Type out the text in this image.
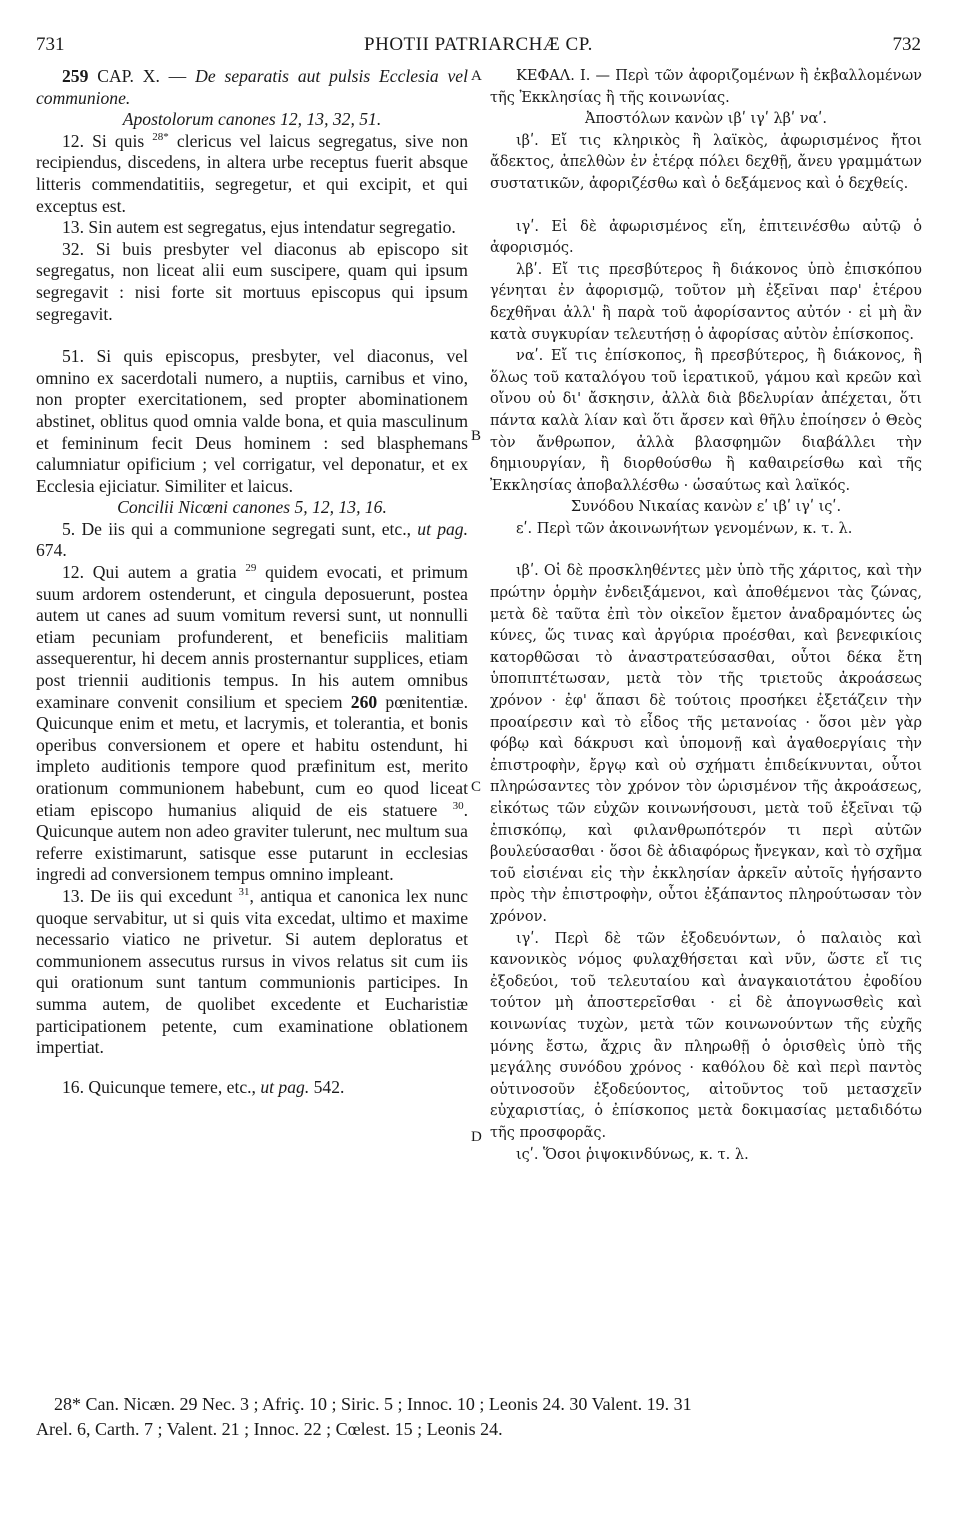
731	PHOTII PATRIARCHÆ CP.	732
A
B
C
D

259 CAP. X. — De separatis aut pulsis Ecclesia vel communione.

Apostolorum canones 12, 13, 32, 51.

12. Si quis $^{28*}$ clericus vel laicus segregatus, sive non recipiendus, discedens, in altera urbe receptus fuerit absque litteris commendatitiis, segregetur, et qui excipit, et qui exceptus est.

13. Sin autem est segregatus, ejus intendatur segregatio.

32. Si buis presbyter vel diaconus ab episcopo sit segregatus, non liceat alii eum suscipere, quam qui ipsum segregavit : nisi forte sit mortuus episcopus qui ipsum segregavit.

51. Si quis episcopus, presbyter, vel diaconus, vel omnino ex sacerdotali numero, a nuptiis, carnibus et vino, non propter exercitationem, sed propter abominationem abstinet, oblitus quod omnia valde bona, et quia masculinum et femininum fecit Deus hominem : sed blasphemans calumniatur opificium ; vel corrigatur, vel deponatur, et ex Ecclesia ejiciatur. Similiter et laicus.

Concilii Nicœni canones 5, 12, 13, 16.

5. De iis qui a communione segregati sunt, etc., ut pag. 674.

12. Qui autem a gratia $^{29}$ quidem evocati, et primum suum ardorem ostenderunt, et cingula deposuerunt, postea autem ut canes ad suum vomitum reversi sunt, ut nonnulli etiam pecuniam profunderent, et beneficiis malitiam assequerentur, hi decem annis prosternantur supplices, etiam post triennii auditionis tempus. In his autem omnibus examinare convenit consilium et speciem 260 pœnitentiæ. Quicunque enim et metu, et lacrymis, et tolerantia, et bonis operibus conversionem et opere et habitu ostendunt, hi impleto auditionis tempore quod præfinitum est, merito orationum communionem habebunt, cum eo quod liceat etiam episcopo humanius aliquid de eis statuere $^{30}$. Quicunque autem non adeo graviter tulerunt, nec multum sua referre existimarunt, satisque esse putarunt in ecclesias ingredi ad conversionem tempus omnino impleant.

13. De iis qui excedunt $^{31}$, antiqua et canonica lex nunc quoque servabitur, ut si quis vita excedat, ultimo et maxime necessario viatico ne privetur. Si autem deploratus et communionem assecutus rursus in vivos relatus sit cum iis qui orationum sunt tantum communionis participes. In summa autem, de quolibet excedente et Eucharistiæ participationem petente, cum examinatione oblationem impertiat.

16. Quicunque temere, etc., ut pag. 542.

ΚΕΦΑΛ. Ι. — Περὶ τῶν ἀφοριζομένων ἢ ἐκβαλλομένων τῆς Ἐκκλησίας ἢ τῆς κοινωνίας.

Ἀποστόλων κανὼν ιβʹ ιγʹ λβʹ ναʹ.

ιβʹ. Εἴ τις κληρικὸς ἢ λαϊκὸς, ἀφωρισμένος ἤτοι ἄδεκτος, ἀπελθὼν ἐν ἑτέρᾳ πόλει δεχθῇ, ἄνευ γραμμάτων συστατικῶν, ἀφοριζέσθω καὶ ὁ δεξάμενος καὶ ὁ δεχθείς.

ιγʹ. Εἰ δὲ ἀφωρισμένος εἴη, ἐπιτεινέσθω αὐτῷ ὁ ἀφορισμός.

λβʹ. Εἴ τις πρεσβύτερος ἢ διάκονος ὑπὸ ἐπισκόπου γένηται ἐν ἀφορισμῷ, τοῦτον μὴ ἐξεῖναι παρ' ἑτέρου δεχθῆναι ἀλλ' ἢ παρὰ τοῦ ἀφορίσαντος αὐτόν · εἰ μὴ ἂν κατὰ συγκυρίαν τελευτήσῃ ὁ ἀφορίσας αὐτὸν ἐπίσκοπος.

ναʹ. Εἴ τις ἐπίσκοπος, ἢ πρεσβύτερος, ἢ διάκονος, ἢ ὅλως τοῦ καταλόγου τοῦ ἱερατικοῦ, γάμου καὶ κρεῶν καὶ οἴνου οὐ δι' ἄσκησιν, ἀλλὰ διὰ βδελυρίαν ἀπέχεται, ὅτι πάντα καλὰ λίαν καὶ ὅτι ἄρσεν καὶ θῆλυ ἐποίησεν ὁ Θεὸς τὸν ἄνθρωπον, ἀλλὰ βλασφημῶν διαβάλλει τὴν δημιουργίαν, ἢ διορθούσθω ἢ καθαιρείσθω καὶ τῆς Ἐκκλησίας ἀποβαλλέσθω · ὡσαύτως καὶ λαϊκός.

Συνόδου Νικαίας κανὼν εʹ ιβʹ ιγʹ ιςʹ.

εʹ. Περὶ τῶν ἀκοινωνήτων γενομένων, κ. τ. λ.

ιβʹ. Οἱ δὲ προσκληθέντες μὲν ὑπὸ τῆς χάριτος, καὶ τὴν πρώτην ὁρμὴν ἐνδειξάμενοι, καὶ ἀποθέμενοι τὰς ζώνας, μετὰ δὲ ταῦτα ἐπὶ τὸν οἰκεῖον ἔμετον ἀναδραμόντες ὡς κύνες, ὥς τινας καὶ ἀργύρια προέσθαι, καὶ βενεφικίοις κατορθῶσαι τὸ ἀναστρατεύσασθαι, οὗτοι δέκα ἔτη ὑποπιπτέτωσαν, μετὰ τὸν τῆς τριετοῦς ἀκροάσεως χρόνον · ἐφ' ἅπασι δὲ τούτοις προσήκει ἐξετάζειν τὴν προαίρεσιν καὶ τὸ εἶδος τῆς μετανοίας · ὅσοι μὲν γὰρ φόβῳ καὶ δάκρυσι καὶ ὑπομονῇ καὶ ἀγαθοεργίαις τὴν ἐπιστροφὴν, ἔργῳ καὶ οὐ σχήματι ἐπιδείκνυνται, οὗτοι πληρώσαντες τὸν χρόνον τὸν ὡρισμένον τῆς ἀκροάσεως, εἰκότως τῶν εὐχῶν κοινωνήσουσι, μετὰ τοῦ ἐξεῖναι τῷ ἐπισκόπῳ, καὶ φιλανθρωπότερόν τι περὶ αὐτῶν βουλεύσασθαι · ὅσοι δὲ ἀδιαφόρως ἤνεγκαν, καὶ τὸ σχῆμα τοῦ εἰσιέναι εἰς τὴν ἐκκλησίαν ἀρκεῖν αὐτοῖς ἡγήσαντο πρὸς τὴν ἐπιστροφὴν, οὗτοι ἐξάπαντος πληρούτωσαν τὸν χρόνον.

ιγʹ. Περὶ δὲ τῶν ἐξοδευόντων, ὁ παλαιὸς καὶ κανονικὸς νόμος φυλαχθήσεται καὶ νῦν, ὥστε εἴ τις ἐξοδεύοι, τοῦ τελευταίου καὶ ἀναγκαιοτάτου ἐφοδίου τούτον μὴ ἀποστερεῖσθαι · εἰ δὲ ἀπογνωσθεὶς καὶ κοινωνίας τυχὼν, μετὰ τῶν κοινωνούντων τῆς εὐχῆς μόνης ἔστω, ἄχρις ἂν πληρωθῇ ὁ ὁρισθεὶς ὑπὸ τῆς μεγάλης συνόδου χρόνος · καθόλου δὲ καὶ περὶ παντὸς οὑτινοσοῦν ἐξοδεύοντος, αἰτοῦντος τοῦ μετασχεῖν εὐχαριστίας, ὁ ἐπίσκοπος μετὰ δοκιμασίας μεταδιδότω τῆς προσφορᾶς.

ιςʹ. Ὅσοι ῥιψοκινδύνως, κ. τ. λ.

28* Can. Nicæn. 29 Nec. 3 ; Afriç. 10 ; Siric. 5 ; Innoc. 10 ; Leonis 24. 30 Valent. 19. 31
Arel. 6, Carth. 7 ; Valent. 21 ; Innoc. 22 ; Cœlest. 15 ; Leonis 24.
